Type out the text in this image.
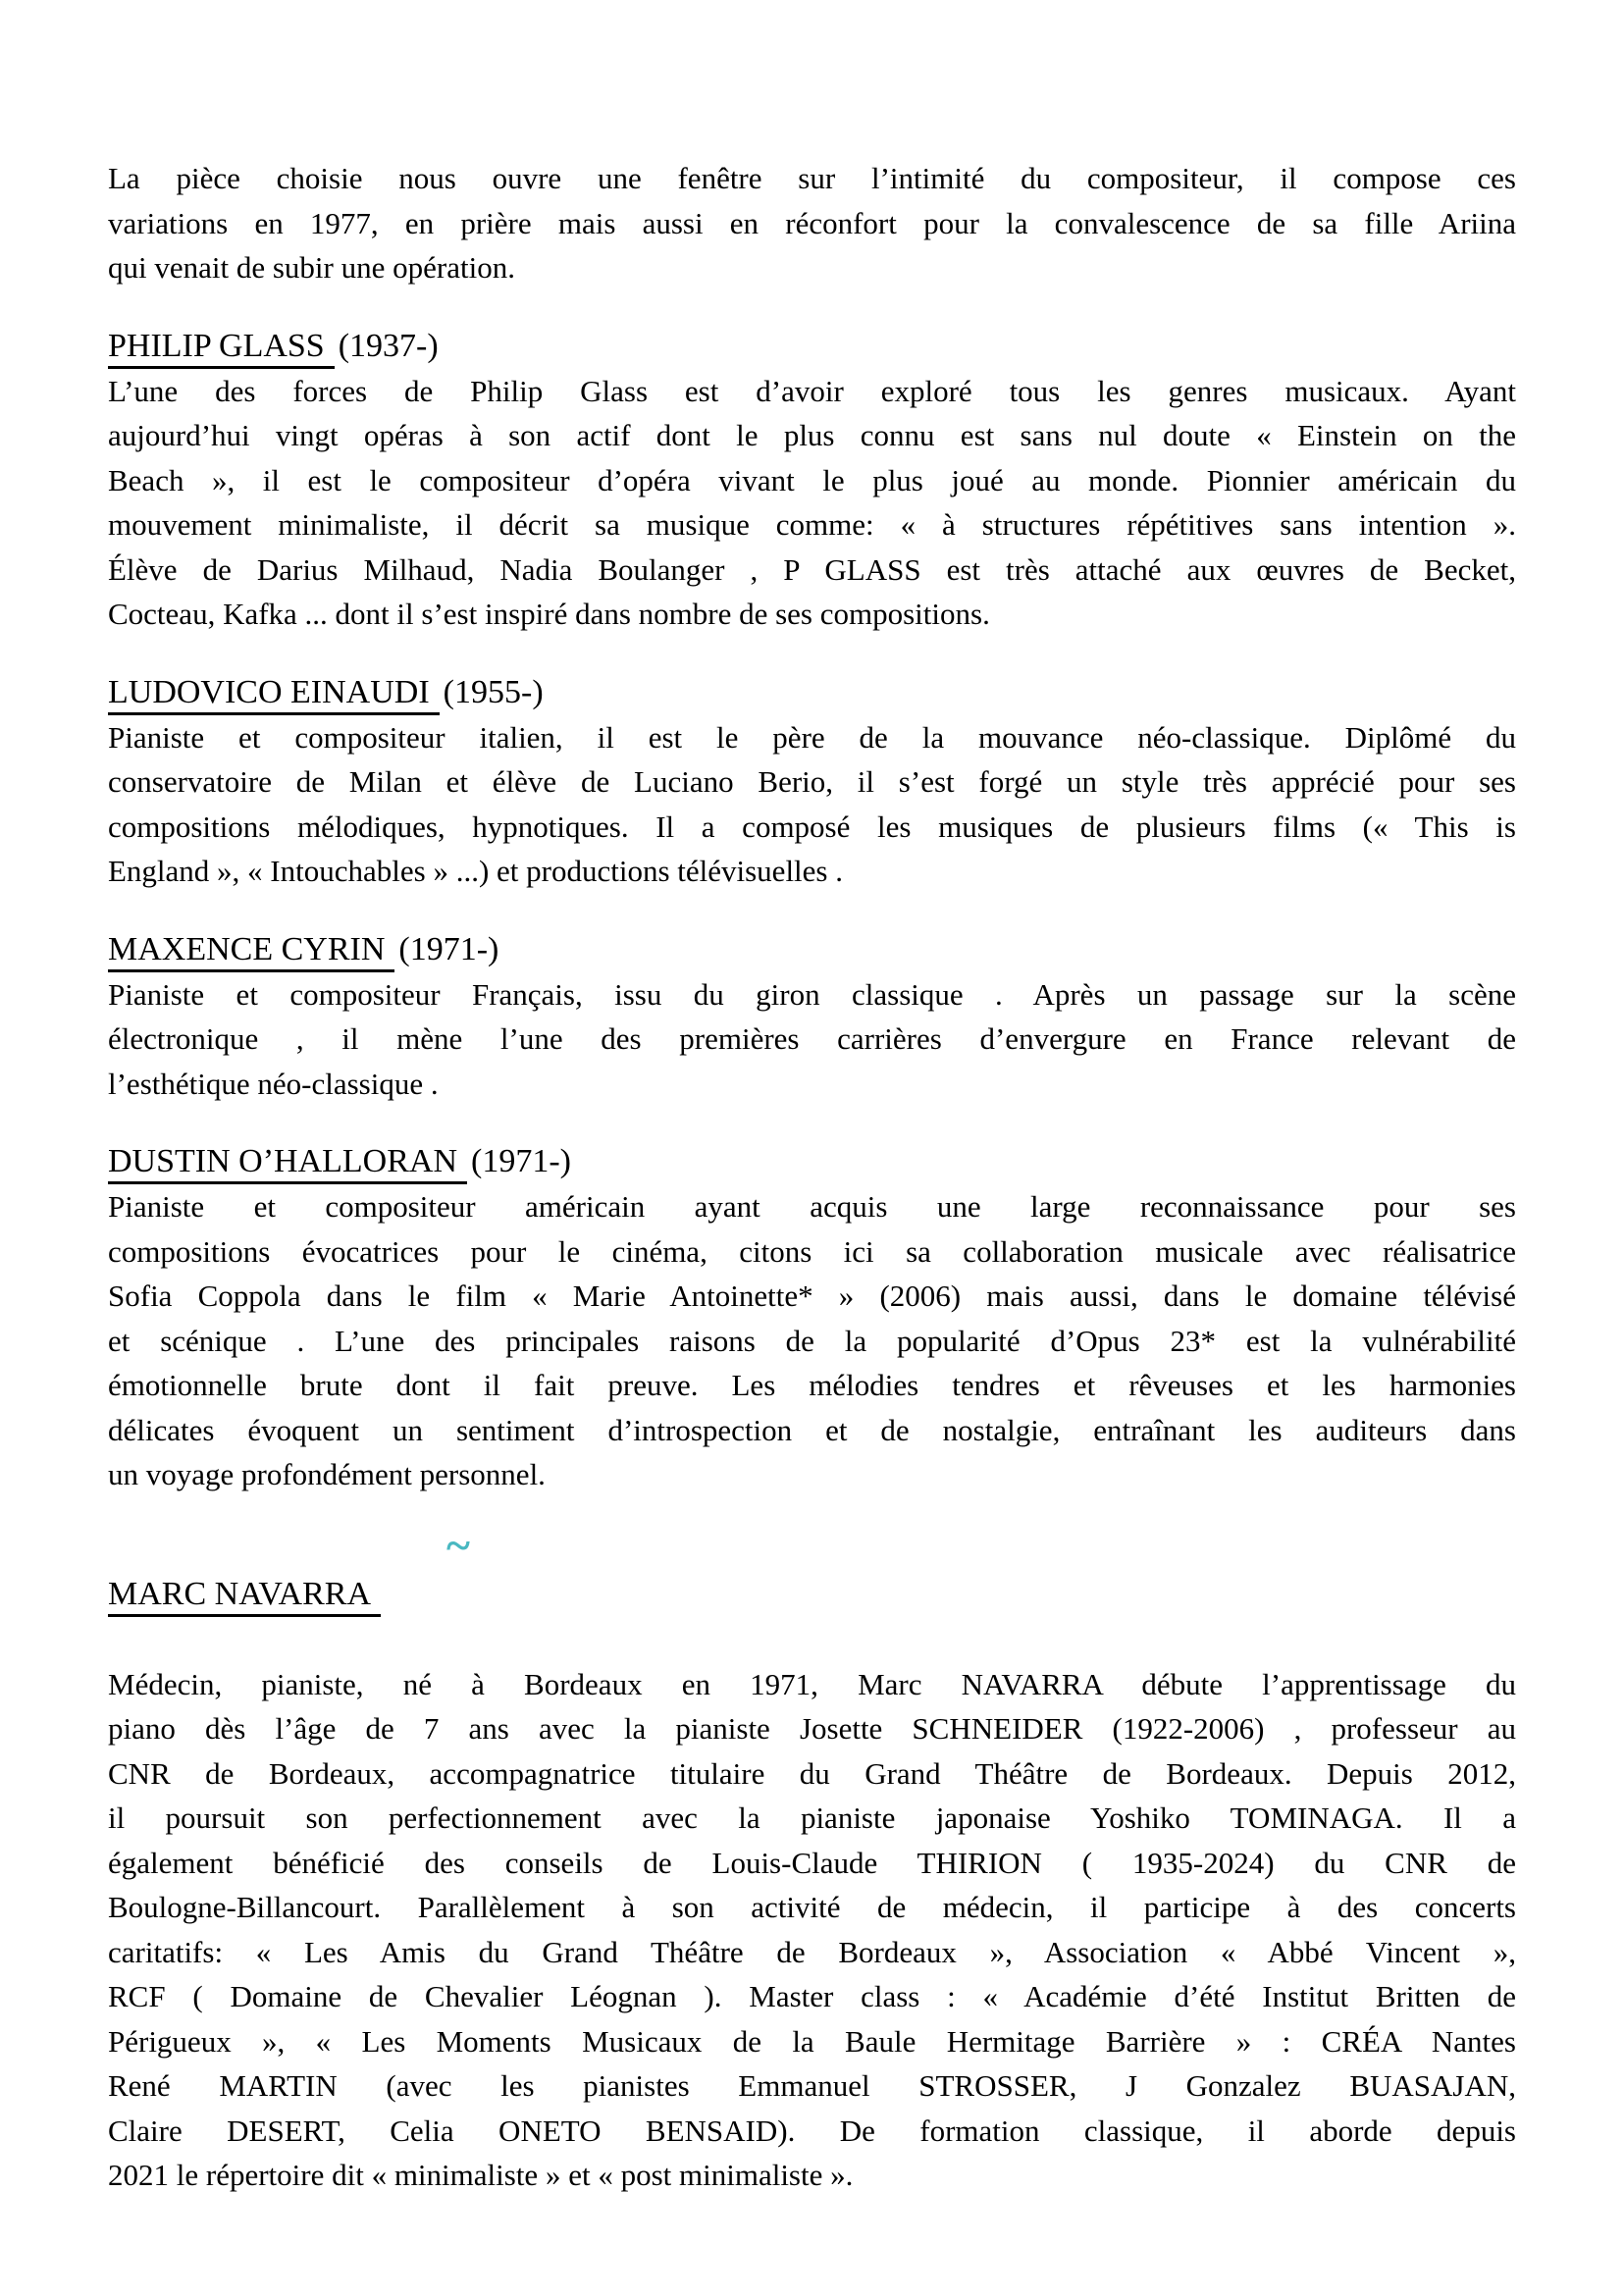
La pièce choisie nous ouvre une fenêtre sur l’intimité du compositeur, il compose ces
variations en 1977, en prière mais aussi en réconfort pour la convalescence de sa fille Ariina
qui venait de subir une opération.
PHILIP GLASS (1937-)
L’une des forces de Philip Glass est d’avoir exploré tous les genres musicaux. Ayant
aujourd’hui vingt opéras à son actif dont le plus connu est sans nul doute « Einstein on the
Beach », il est le compositeur d’opéra vivant le plus joué au monde. Pionnier américain du
mouvement minimaliste, il décrit sa musique comme: « à structures répétitives sans intention ».
Élève de Darius Milhaud, Nadia Boulanger , P GLASS est très attaché aux œuvres de Becket,
Cocteau, Kafka ... dont il s’est inspiré dans nombre de ses compositions.
LUDOVICO EINAUDI (1955-)
Pianiste et compositeur italien, il est le père de la mouvance néo-classique. Diplômé du
conservatoire de Milan et élève de Luciano Berio, il s’est forgé un style très apprécié pour ses
compositions mélodiques, hypnotiques. Il a composé les musiques de plusieurs films (« This is
England », « Intouchables » ...) et productions télévisuelles .
MAXENCE CYRIN (1971-)
Pianiste et compositeur Français, issu du giron classique . Après un passage sur la scène
électronique , il mène l’une des premières carrières d’envergure en France relevant de
l’esthétique néo-classique .
DUSTIN O’HALLORAN (1971-)
Pianiste et compositeur américain ayant acquis une large reconnaissance pour ses
compositions évocatrices pour le cinéma, citons ici sa collaboration musicale avec réalisatrice
Sofia Coppola dans le film « Marie Antoinette* » (2006) mais aussi, dans le domaine télévisé
et scénique . L’une des principales raisons de la popularité d’Opus 23* est la vulnérabilité
émotionnelle brute dont il fait preuve. Les mélodies tendres et rêveuses et les harmonies
délicates évoquent un sentiment d’introspection et de nostalgie, entraînant les auditeurs dans
un voyage profondément personnel.
~
MARC NAVARRA
Médecin, pianiste, né à Bordeaux en 1971, Marc NAVARRA débute l’apprentissage du
piano dès l’âge de 7 ans avec la pianiste Josette SCHNEIDER (1922-2006) , professeur au
CNR de Bordeaux, accompagnatrice titulaire du Grand Théâtre de Bordeaux. Depuis 2012,
il poursuit son perfectionnement avec la pianiste japonaise Yoshiko TOMINAGA. Il a
également bénéficié des conseils de Louis-Claude THIRION ( 1935-2024) du CNR de
Boulogne-Billancourt. Parallèlement à son activité de médecin, il participe à des concerts
caritatifs: « Les Amis du Grand Théâtre de Bordeaux », Association « Abbé Vincent »,
RCF ( Domaine de Chevalier Léognan ). Master class : « Académie d’été Institut Britten de
Périgueux », « Les Moments Musicaux de la Baule Hermitage Barrière » : CRÉA Nantes
René MARTIN (avec les pianistes Emmanuel STROSSER, J Gonzalez BUASAJAN,
Claire DESERT, Celia ONETO BENSAID). De formation classique, il aborde depuis
2021 le répertoire dit « minimaliste » et « post minimaliste ».
